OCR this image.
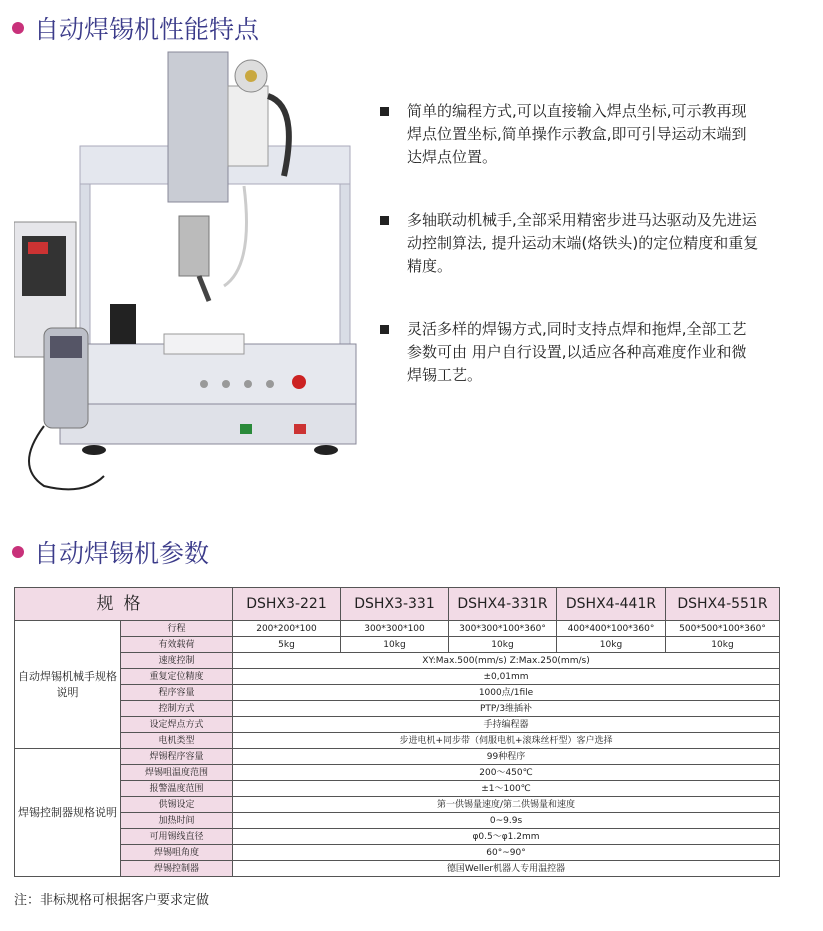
自动焊锡机性能特点
简单的编程方式,可以直接输入焊点坐标,可示教再现焊点位置坐标,简单操作示教盒,即可引导运动末端到达焊点位置。
多轴联动机械手,全部采用精密步进马达驱动及先进运动控制算法, 提升运动末端(烙铁头)的定位精度和重复精度。
灵活多样的焊锡方式,同时支持点焊和拖焊,全部工艺参数可由 用户自行设置,以适应各种高难度作业和微焊锡工艺。
自动焊锡机参数
规格		DSHX3-221	DSHX3-331	DSHX4-331R	DSHX4-441R	DSHX4-551R
自动焊锡机械手规格说明	行程	200*200*100	300*300*100	300*300*100*360°	400*400*100*360°	500*500*100*360°
	有效载荷	5kg	10kg	10kg	10kg	10kg
	速度控制	XY:Max.500(mm/s) Z:Max.250(mm/s)				
	重复定位精度	±0,01mm				
	程序容量	1000点/1file				
	控制方式	PTP/3维插补				
	设定焊点方式	手持编程器				
	电机类型	步进电机+同步带（伺服电机+滚珠丝杆型）客户选择				
焊锡控制器规格说明	焊锡程序容量	99种程序				
	焊锡咀温度范围	200～450℃				
	报警温度范围	±1～100℃				
	供锡设定	第一供锡量速度/第二供锡量和速度				
	加热时间	0~9.9s				
	可用锡线直径	φ0.5～φ1.2mm				
	焊锡咀角度	60°~90°				
	焊锡控制器	德国Weller机器人专用温控器				
注：非标规格可根据客户要求定做
